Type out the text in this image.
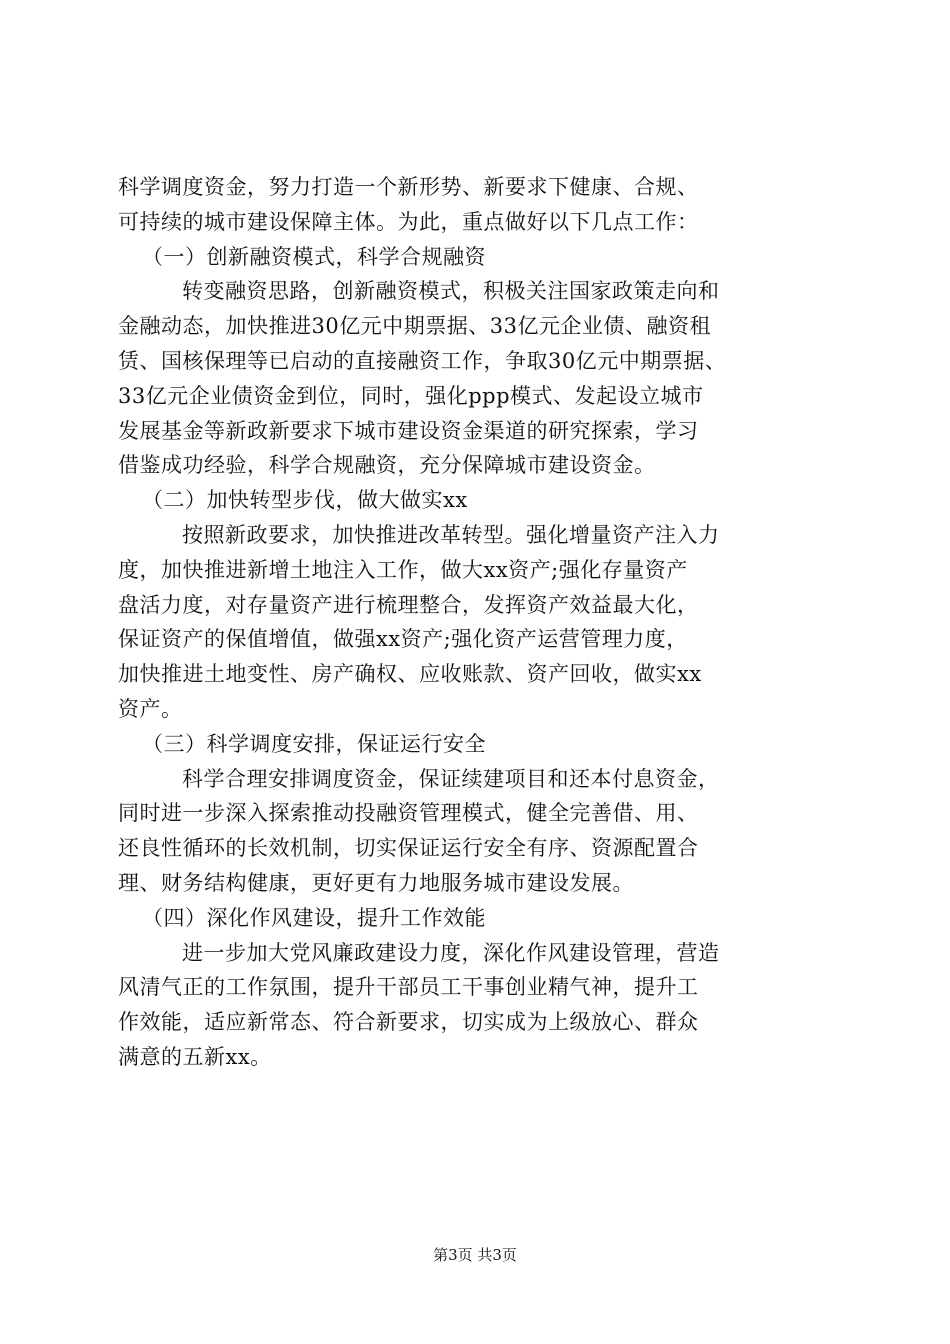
科学调度资金，努力打造一个新形势、新要求下健康、合规、
可持续的城市建设保障主体。为此，重点做好以下几点工作：
（一）创新融资模式，科学合规融资
转变融资思路，创新融资模式，积极关注国家政策走向和
金融动态，加快推进30亿元中期票据、33亿元企业债、融资租
赁、国核保理等已启动的直接融资工作，争取30亿元中期票据、
33亿元企业债资金到位，同时，强化ppp模式、发起设立城市
发展基金等新政新要求下城市建设资金渠道的研究探索，学习
借鉴成功经验，科学合规融资，充分保障城市建设资金。
（二）加快转型步伐，做大做实xx
按照新政要求，加快推进改革转型。强化增量资产注入力
度，加快推进新增土地注入工作，做大xx资产;强化存量资产
盘活力度，对存量资产进行梳理整合，发挥资产效益最大化，
保证资产的保值增值，做强xx资产;强化资产运营管理力度，
加快推进土地变性、房产确权、应收账款、资产回收，做实xx
资产。
（三）科学调度安排，保证运行安全
科学合理安排调度资金，保证续建项目和还本付息资金，
同时进一步深入探索推动投融资管理模式，健全完善借、用、
还良性循环的长效机制，切实保证运行安全有序、资源配置合
理、财务结构健康，更好更有力地服务城市建设发展。
（四）深化作风建设，提升工作效能
进一步加大党风廉政建设力度，深化作风建设管理，营造
风清气正的工作氛围，提升干部员工干事创业精气神，提升工
作效能，适应新常态、符合新要求，切实成为上级放心、群众
满意的五新xx。
第3页 共3页
